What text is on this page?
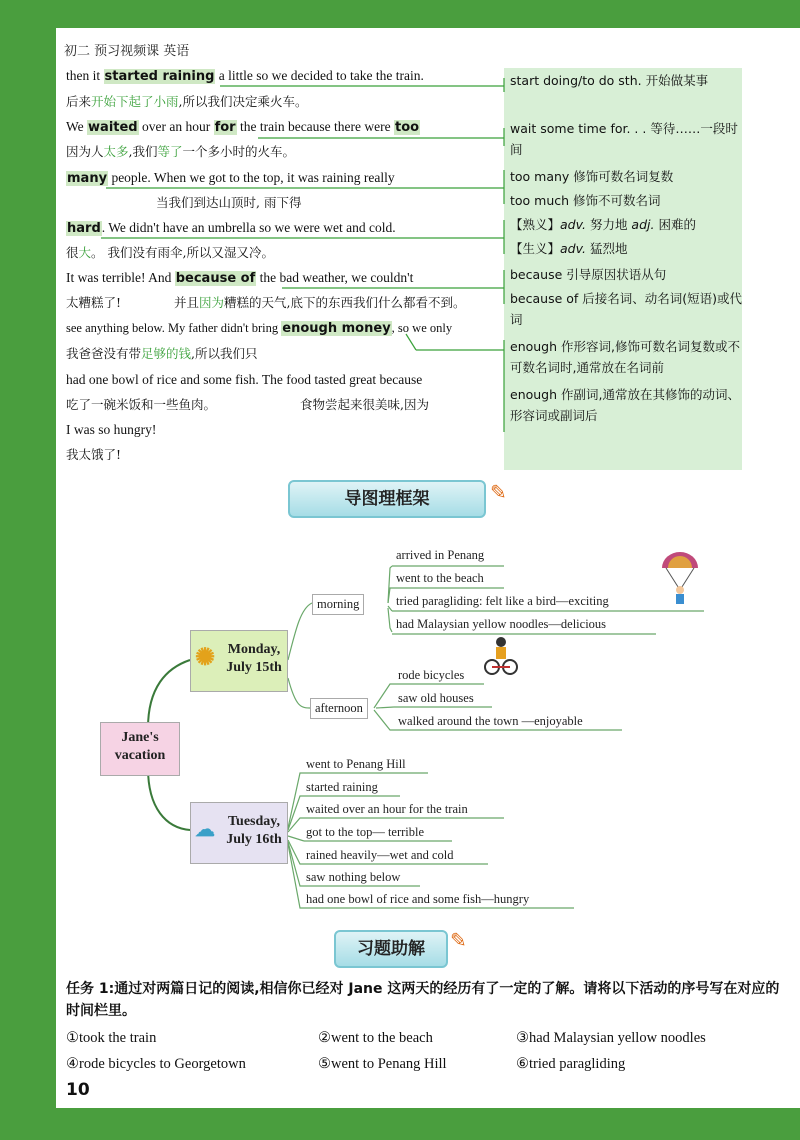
初二 预习视频课 英语
then it started raining a little so we decided to take the train.
后来开始下起了小雨,所以我们决定乘火车。
We waited over an hour for the train because there were too
因为人太多,我们等了一个多小时的火车。
many people. When we got to the top, it was raining really
当我们到达山顶时, 雨下得
hard. We didn't have an umbrella so we were wet and cold.
很大。 我们没有雨伞,所以又湿又冷。
It was terrible! And because of the bad weather, we couldn't
太糟糕了!	并且因为糟糕的天气,底下的东西我们什么都看不到。
see anything below. My father didn't bring enough money, so we only
我爸爸没有带足够的钱,所以我们只
had one bowl of rice and some fish. The food tasted great because
吃了一碗米饭和一些鱼肉。	食物尝起来很美味,因为
I was so hungry!
我太饿了!
start doing/to do sth. 开始做某事
wait some time for. . . 等待……一段时间
too many 修饰可数名词复数
too much 修饰不可数名词
【熟义】adv. 努力地 adj. 困难的
【生义】adv. 猛烈地
because 引导原因状语从句
because of 后接名词、动名词(短语)或代词
enough 作形容词,修饰可数名词复数或不可数名词时,通常放在名词前
enough 作副词,通常放在其修饰的动词、形容词或副词后
导图理框架	✎
Jane's vacation
✺ Monday, July 15th
☁ Tuesday, July 16th
morning
afternoon
arrived in Penang
went to the beach
tried paragliding: felt like a bird—exciting
had Malaysian yellow noodles—delicious
rode bicycles
saw old houses
walked around the town —enjoyable
went to Penang Hill
started raining
waited over an hour for the train
got to the top— terrible
rained heavily—wet and cold
saw nothing below
had one bowl of rice and some fish—hungry
习题助解	✎
任务 1:通过对两篇日记的阅读,相信你已经对 Jane 这两天的经历有了一定的了解。请将以下活动的序号写在对应的时间栏里。
①took the train	②went to the beach	③had Malaysian yellow noodles
④rode bicycles to Georgetown	⑤went to Penang Hill	⑥tried paragliding
10
